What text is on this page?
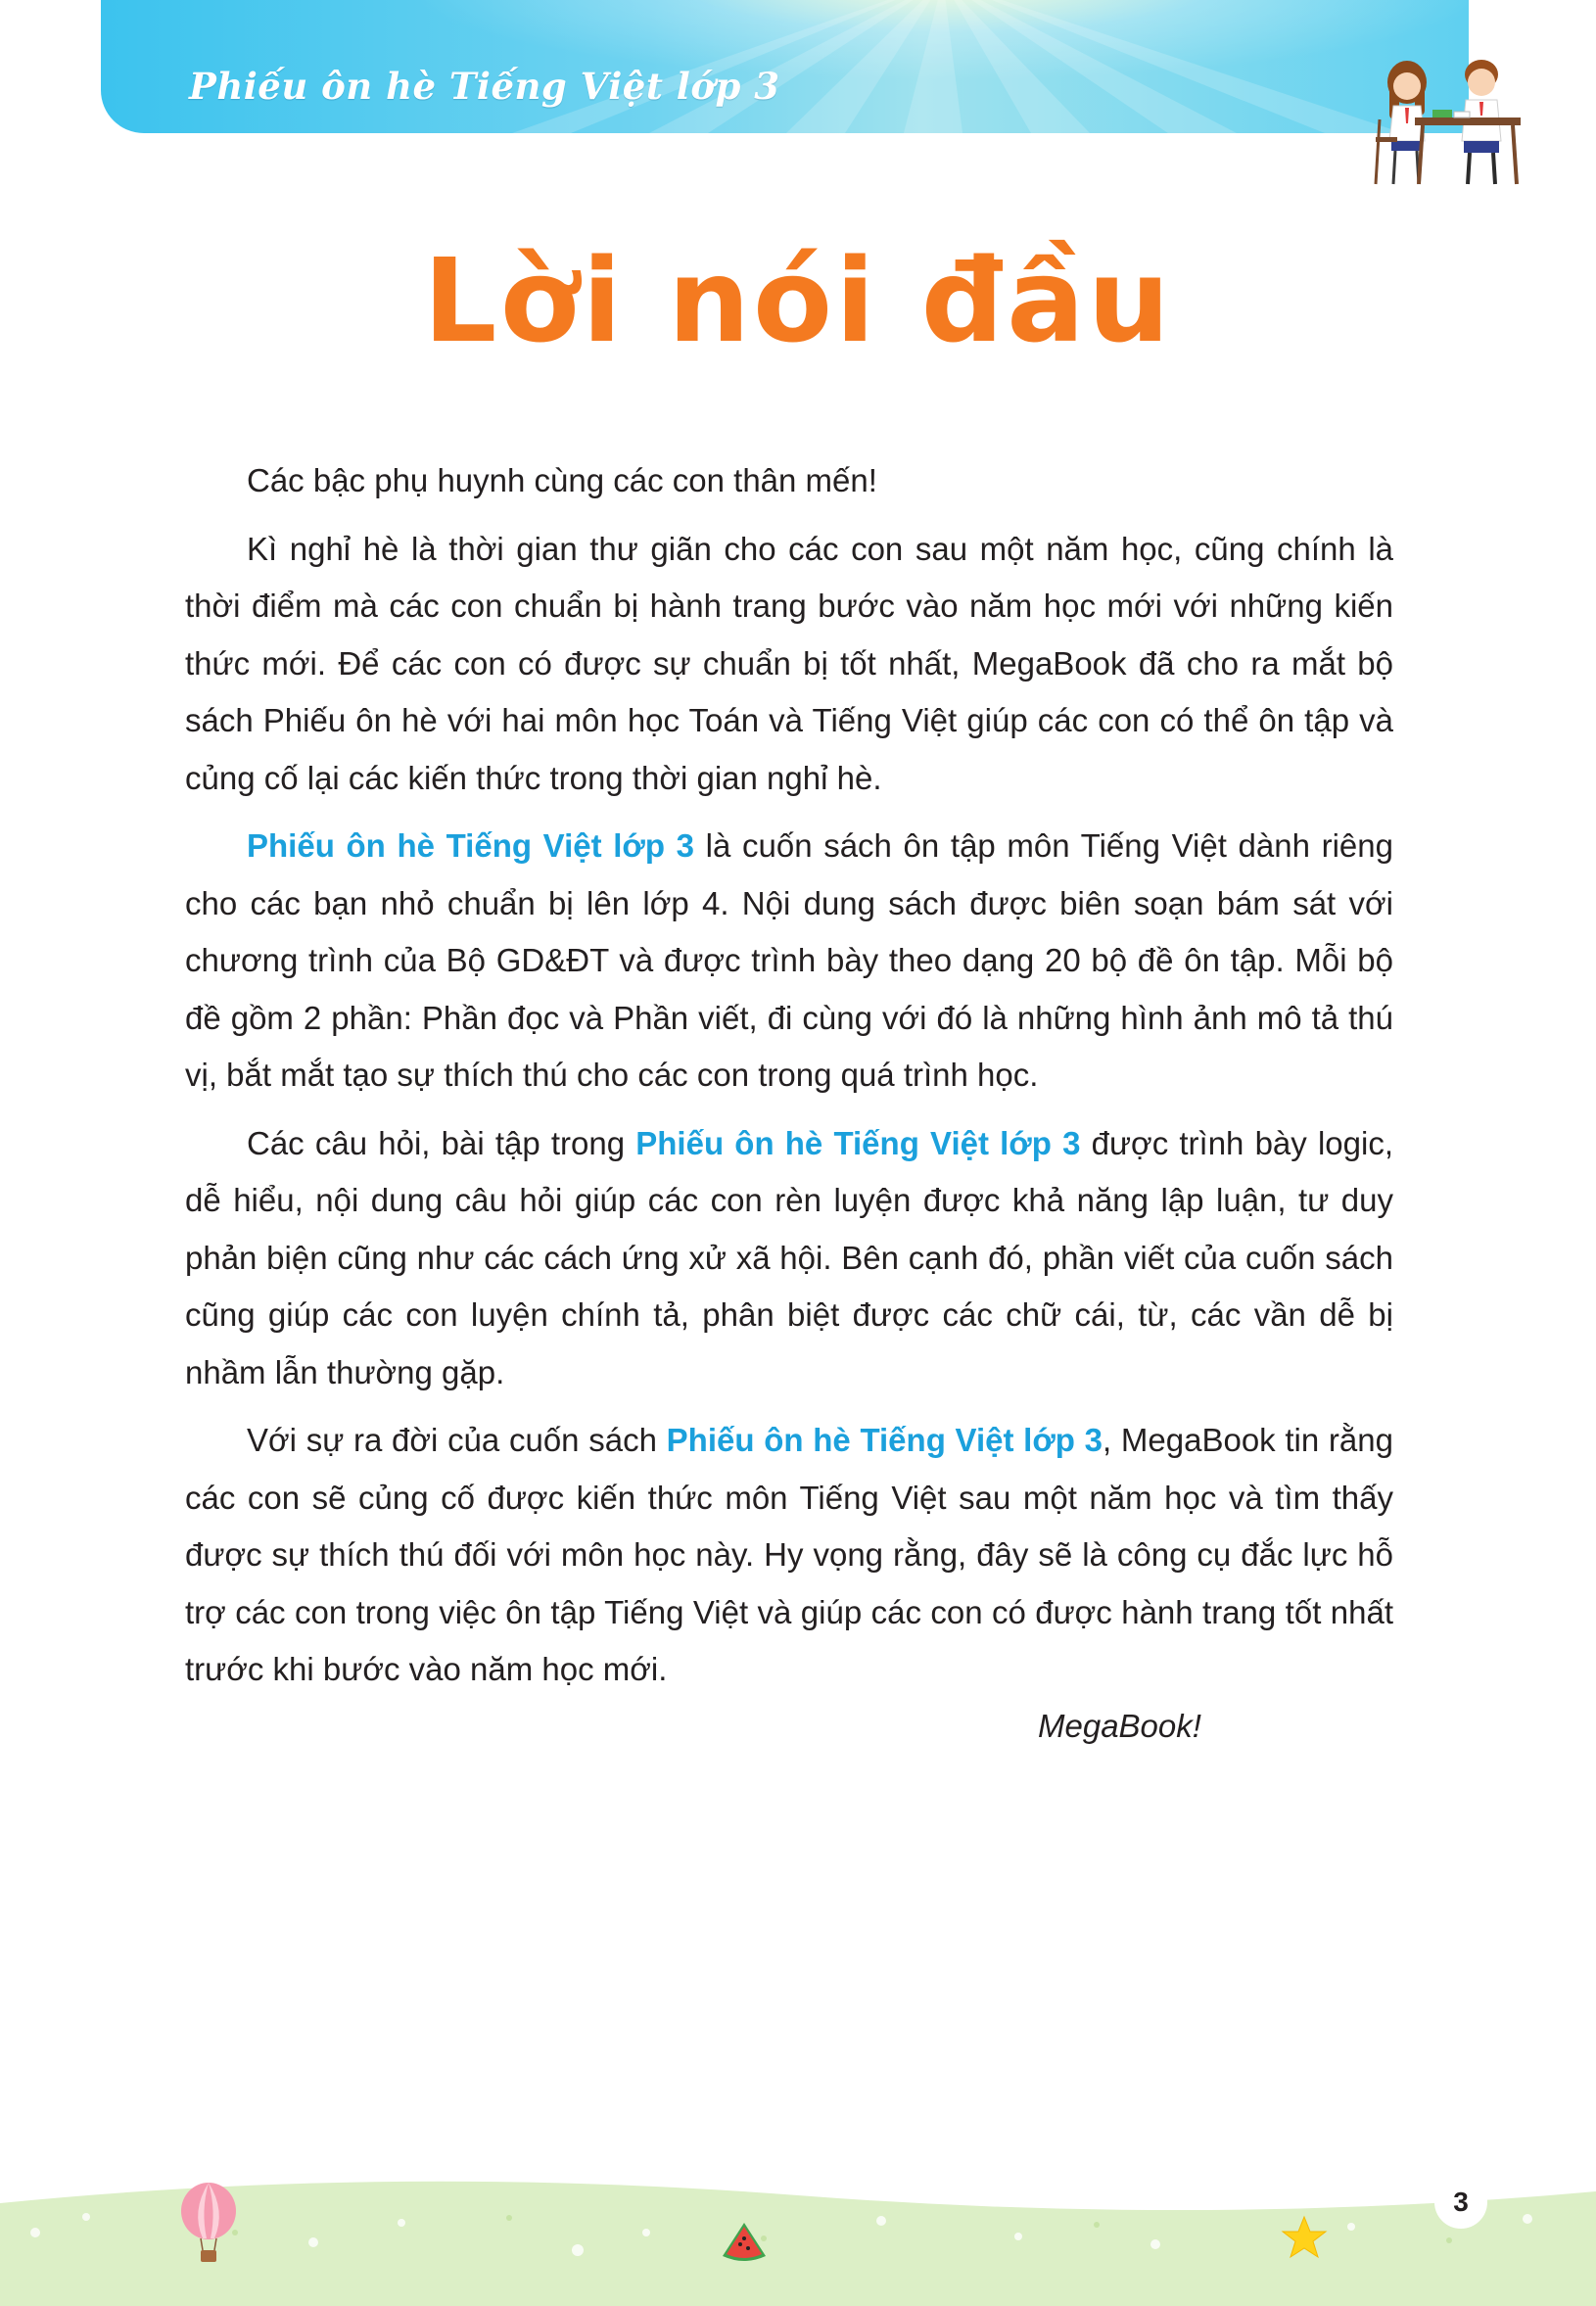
Phiếu ôn hè Tiếng Việt lớp 3
Lời nói đầu

Các bậc phụ huynh cùng các con thân mến!

Kì nghỉ hè là thời gian thư giãn cho các con sau một năm học, cũng chính là thời điểm mà các con chuẩn bị hành trang bước vào năm học mới với những kiến thức mới. Để các con có được sự chuẩn bị tốt nhất, MegaBook đã cho ra mắt bộ sách Phiếu ôn hè với hai môn học Toán và Tiếng Việt giúp các con có thể ôn tập và củng cố lại các kiến thức trong thời gian nghỉ hè.

Phiếu ôn hè Tiếng Việt lớp 3 là cuốn sách ôn tập môn Tiếng Việt dành riêng cho các bạn nhỏ chuẩn bị lên lớp 4. Nội dung sách được biên soạn bám sát với chương trình của Bộ GD&ĐT và được trình bày theo dạng 20 bộ đề ôn tập. Mỗi bộ đề gồm 2 phần: Phần đọc và Phần viết, đi cùng với đó là những hình ảnh mô tả thú vị, bắt mắt tạo sự thích thú cho các con trong quá trình học.

Các câu hỏi, bài tập trong Phiếu ôn hè Tiếng Việt lớp 3 được trình bày logic, dễ hiểu, nội dung câu hỏi giúp các con rèn luyện được khả năng lập luận, tư duy phản biện cũng như các cách ứng xử xã hội. Bên cạnh đó, phần viết của cuốn sách cũng giúp các con luyện chính tả, phân biệt được các chữ cái, từ, các vần dễ bị nhầm lẫn thường gặp.

Với sự ra đời của cuốn sách Phiếu ôn hè Tiếng Việt lớp 3, MegaBook tin rằng các con sẽ củng cố được kiến thức môn Tiếng Việt sau một năm học và tìm thấy được sự thích thú đối với môn học này. Hy vọng rằng, đây sẽ là công cụ đắc lực hỗ trợ các con trong việc ôn tập Tiếng Việt và giúp các con có được hành trang tốt nhất trước khi bước vào năm học mới.

MegaBook!
3
